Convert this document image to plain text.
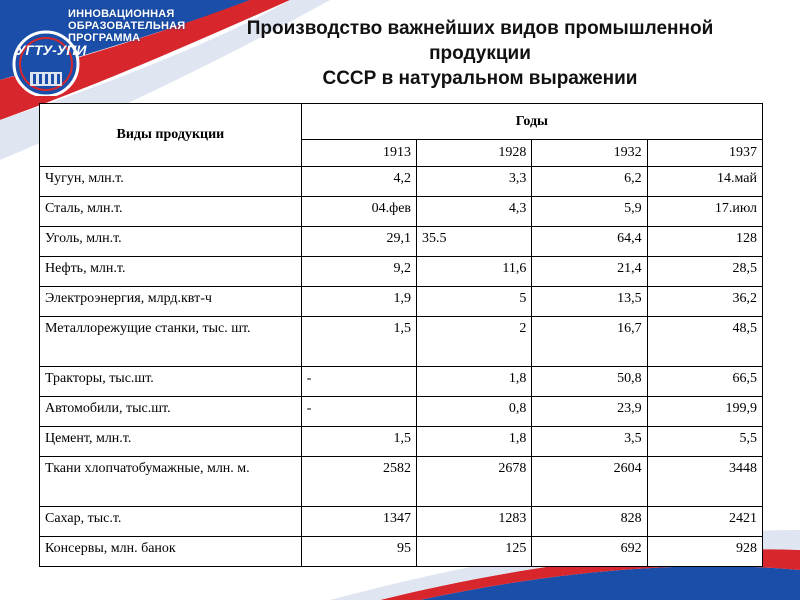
ИННОВАЦИОННАЯ
ОБРАЗОВАТЕЛЬНАЯ
ПРОГРАММА
УГТУ-УПИ
Производство важнейших видов промышленной
продукции
СССР в натуральном выражении
Виды продукции	Годы			
	1913	1928	1932	1937
Чугун, млн.т.	4,2	3,3	6,2	14.май
Сталь, млн.т.	04.фев	4,3	5,9	17.июл
Уголь, млн.т.	29,1	35.5	64,4	128
Нефть, млн.т.	9,2	11,6	21,4	28,5
Электроэнергия, млрд.квт-ч	1,9	5	13,5	36,2
Металлорежущие станки, тыс. шт.	1,5	2	16,7	48,5
Тракторы, тыс.шт.	-	1,8	50,8	66,5
Автомобили, тыс.шт.	-	0,8	23,9	199,9
Цемент, млн.т.	1,5	1,8	3,5	5,5
Ткани хлопчатобумажные, млн. м.	2582	2678	2604	3448
Сахар, тыс.т.	1347	1283	828	2421
Консервы, млн. банок	95	125	692	928
